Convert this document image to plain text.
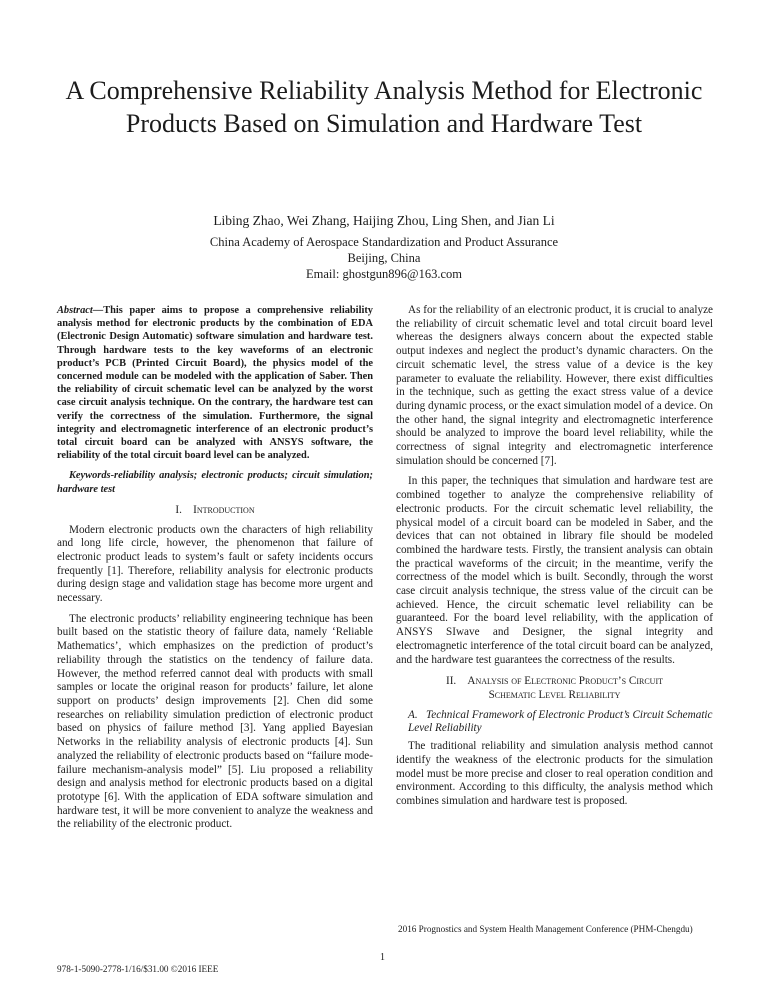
A Comprehensive Reliability Analysis Method for Electronic Products Based on Simulation and Hardware Test
Libing Zhao, Wei Zhang, Haijing Zhou, Ling Shen, and Jian Li
China Academy of Aerospace Standardization and Product Assurance
Beijing, China
Email: ghostgun896@163.com

Abstract—This paper aims to propose a comprehensive reliability analysis method for electronic products by the combination of EDA (Electronic Design Automatic) software simulation and hardware test. Through hardware tests to the key waveforms of an electronic product’s PCB (Printed Circuit Board), the physics model of the concerned module can be modeled with the application of Saber. Then the reliability of circuit schematic level can be analyzed by the worst case circuit analysis technique. On the contrary, the hardware test can verify the correctness of the simulation. Furthermore, the signal integrity and electromagnetic interference of an electronic product’s total circuit board can be analyzed with ANSYS software, the reliability of the total circuit board level can be analyzed.

Keywords-reliability analysis; electronic products; circuit simulation; hardware test

I. Introduction

Modern electronic products own the characters of high reliability and long life circle, however, the phenomenon that failure of electronic product leads to system’s fault or safety incidents occurs frequently [1]. Therefore, reliability analysis for electronic products during design stage and validation stage has become more urgent and necessary.

The electronic products’ reliability engineering technique has been built based on the statistic theory of failure data, namely ‘Reliable Mathematics’, which emphasizes on the prediction of product’s reliability through the statistics on the tendency of failure data. However, the method referred cannot deal with products with small samples or locate the original reason for products’ failure, let alone support on products’ design improvements [2]. Chen did some researches on reliability simulation prediction of electronic product based on physics of failure method [3]. Yang applied Bayesian Networks in the reliability analysis of electronic products [4]. Sun analyzed the reliability of electronic products based on “failure mode-failure mechanism-analysis model” [5]. Liu proposed a reliability design and analysis method for electronic products based on a digital prototype [6]. With the application of EDA software simulation and hardware test, it will be more convenient to analyze the weakness and the reliability of the electronic product.

As for the reliability of an electronic product, it is crucial to analyze the reliability of circuit schematic level and total circuit board level whereas the designers always concern about the expected stable output indexes and neglect the product’s dynamic characters. On the circuit schematic level, the stress value of a device is the key parameter to evaluate the reliability. However, there exist difficulties in the technique, such as getting the exact stress value of a device during dynamic process, or the exact simulation model of a device. On the other hand, the signal integrity and electromagnetic interference should be analyzed to improve the board level reliability, while the correctness of signal integrity and electromagnetic interference simulation should be concerned [7].

In this paper, the techniques that simulation and hardware test are combined together to analyze the comprehensive reliability of electronic products. For the circuit schematic level reliability, the physical model of a circuit board can be modeled in Saber, and the devices that can not obtained in library file should be modeled combined the hardware tests. Firstly, the transient analysis can obtain the practical waveforms of the circuit; in the meantime, verify the correctness of the model which is built. Secondly, through the worst case circuit analysis technique, the stress value of the circuit can be achieved. Hence, the circuit schematic level reliability can be guaranteed. For the board level reliability, with the application of ANSYS SIwave and Designer, the signal integrity and electromagnetic interference of the total circuit board can be analyzed, and the hardware test guarantees the correctness of the results.

II. Analysis of Electronic Product’s Circuit
Schematic Level Reliability
A. Technical Framework of Electronic Product’s Circuit Schematic Level Reliability

The traditional reliability and simulation analysis method cannot identify the weakness of the electronic products for the simulation model must be more precise and closer to real operation condition and environment. According to this difficulty, the analysis method which combines simulation and hardware test is proposed.

2016 Prognostics and System Health Management Conference (PHM-Chengdu)
1
978-1-5090-2778-1/16/$31.00 ©2016 IEEE
